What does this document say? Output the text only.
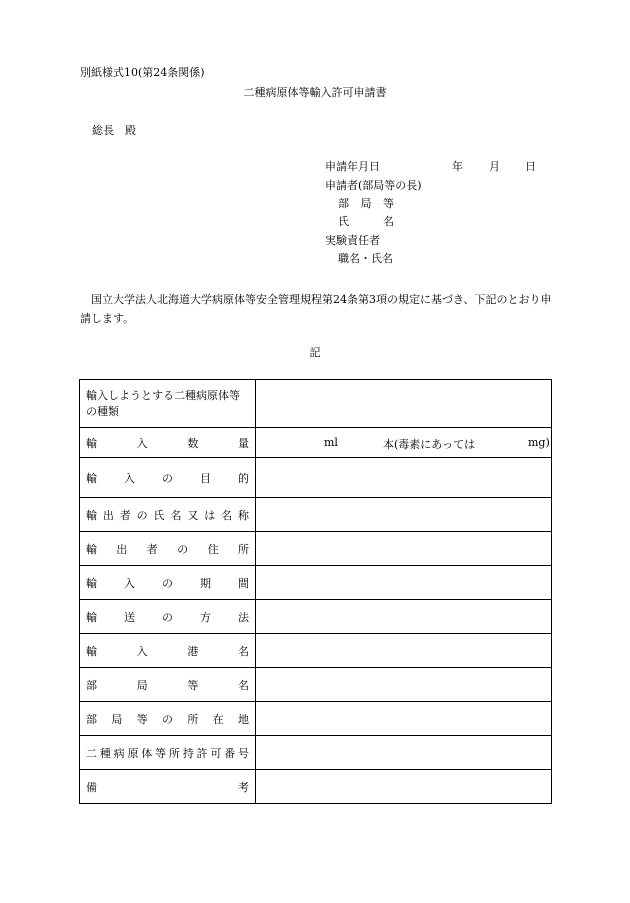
別紙様式10(第24条関係)
二種病原体等輸入許可申請書
総長　殿
申請年月日	年 月 日
申請者(部局等の長)
部局等
氏名
実験責任者
職名・氏名
国立大学法人北海道大学病原体等安全管理規程第24条第3項の規定に基づき、下記のとおり申請します。
記
輸入しようとする二種病原体等の種類	

輸入数量	ml 本(毒素にあっては mg)

輸入の目的	

輸出者の氏名又は名称	

輸出者の住所	

輸入の期間	

輸送の方法	

輸入港名	

部局等名	

部局等の所在地	

二種病原体等所持許可番号	

備考	
